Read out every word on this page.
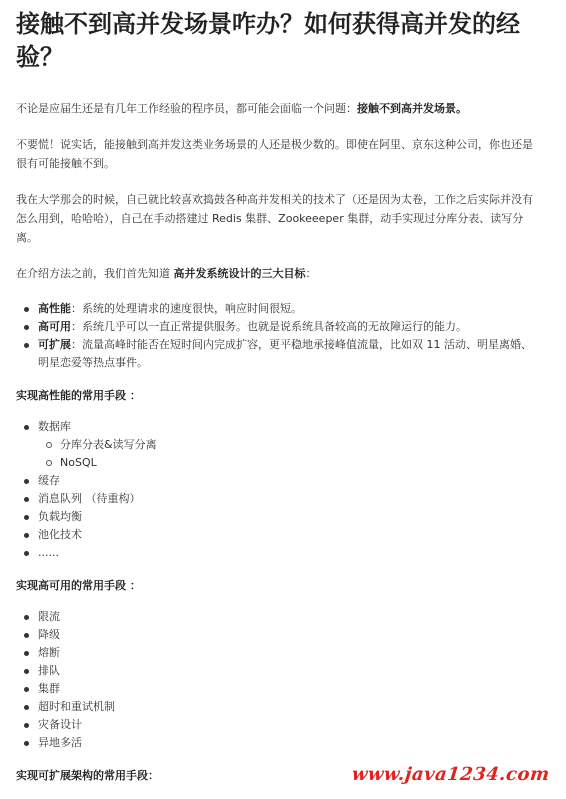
接触不到高并发场景咋办？如何获得高并发的经验？

不论是应届生还是有几年工作经验的程序员，都可能会面临一个问题：接触不到高并发场景。

不要慌！说实话，能接触到高并发这类业务场景的人还是极少数的。即使在阿里、京东这种公司，你也还是很有可能接触不到。

我在大学那会的时候，自己就比较喜欢捣鼓各种高并发相关的技术了（还是因为太卷，工作之后实际并没有怎么用到，哈哈哈），自己在手动搭建过 Redis 集群、Zookeeeper 集群，动手实现过分库分表、读写分离。

在介绍方法之前，我们首先知道 高并发系统设计的三大目标：

高性能：系统的处理请求的速度很快，响应时间很短。
高可用：系统几乎可以一直正常提供服务。也就是说系统具备较高的无故障运行的能力。
可扩展：流量高峰时能否在短时间内完成扩容，更平稳地承接峰值流量，比如双 11 活动、明星离婚、明星恋爱等热点事件。

实现高性能的常用手段 ：

数据库
分库分表&读写分离
NoSQL
缓存
消息队列 （待重构）
负载均衡
池化技术
......

实现高可用的常用手段 ：

限流
降级
熔断
排队
集群
超时和重试机制
灾备设计
异地多活

实现可扩展架构的常用手段：	www.java1234.com
